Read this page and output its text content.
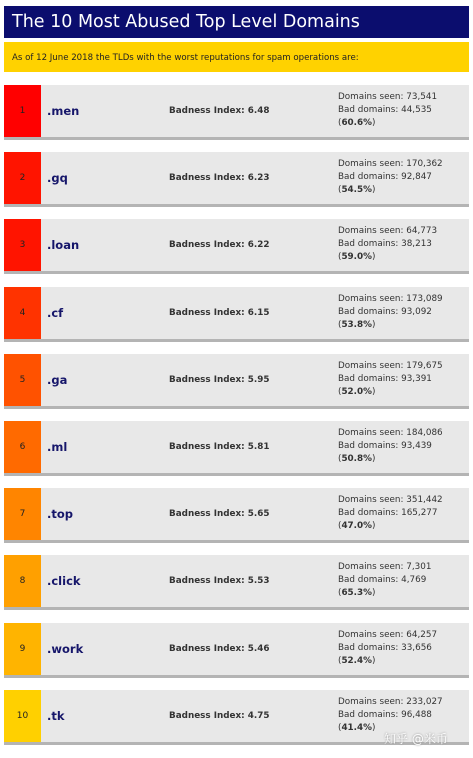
The 10 Most Abused Top Level Domains
As of 12 June 2018 the TLDs with the worst reputations for spam operations are:
1 .men	Badness Index: 6.48
Domains seen: 73,541
Bad domains: 44,535
(60.6%)
2 .gq	Badness Index: 6.23
Domains seen: 170,362
Bad domains: 92,847
(54.5%)
3 .loan	Badness Index: 6.22
Domains seen: 64,773
Bad domains: 38,213
(59.0%)
4 .cf	Badness Index: 6.15
Domains seen: 173,089
Bad domains: 93,092
(53.8%)
5 .ga	Badness Index: 5.95
Domains seen: 179,675
Bad domains: 93,391
(52.0%)
6 .ml	Badness Index: 5.81
Domains seen: 184,086
Bad domains: 93,439
(50.8%)
7 .top	Badness Index: 5.65
Domains seen: 351,442
Bad domains: 165,277
(47.0%)
8 .click	Badness Index: 5.53
Domains seen: 7,301
Bad domains: 4,769
(65.3%)
9 .work	Badness Index: 5.46
Domains seen: 64,257
Bad domains: 33,656
(52.4%)
10 .tk	Badness Index: 4.75
Domains seen: 233,027
Bad domains: 96,488
(41.4%)
知乎 @米币
